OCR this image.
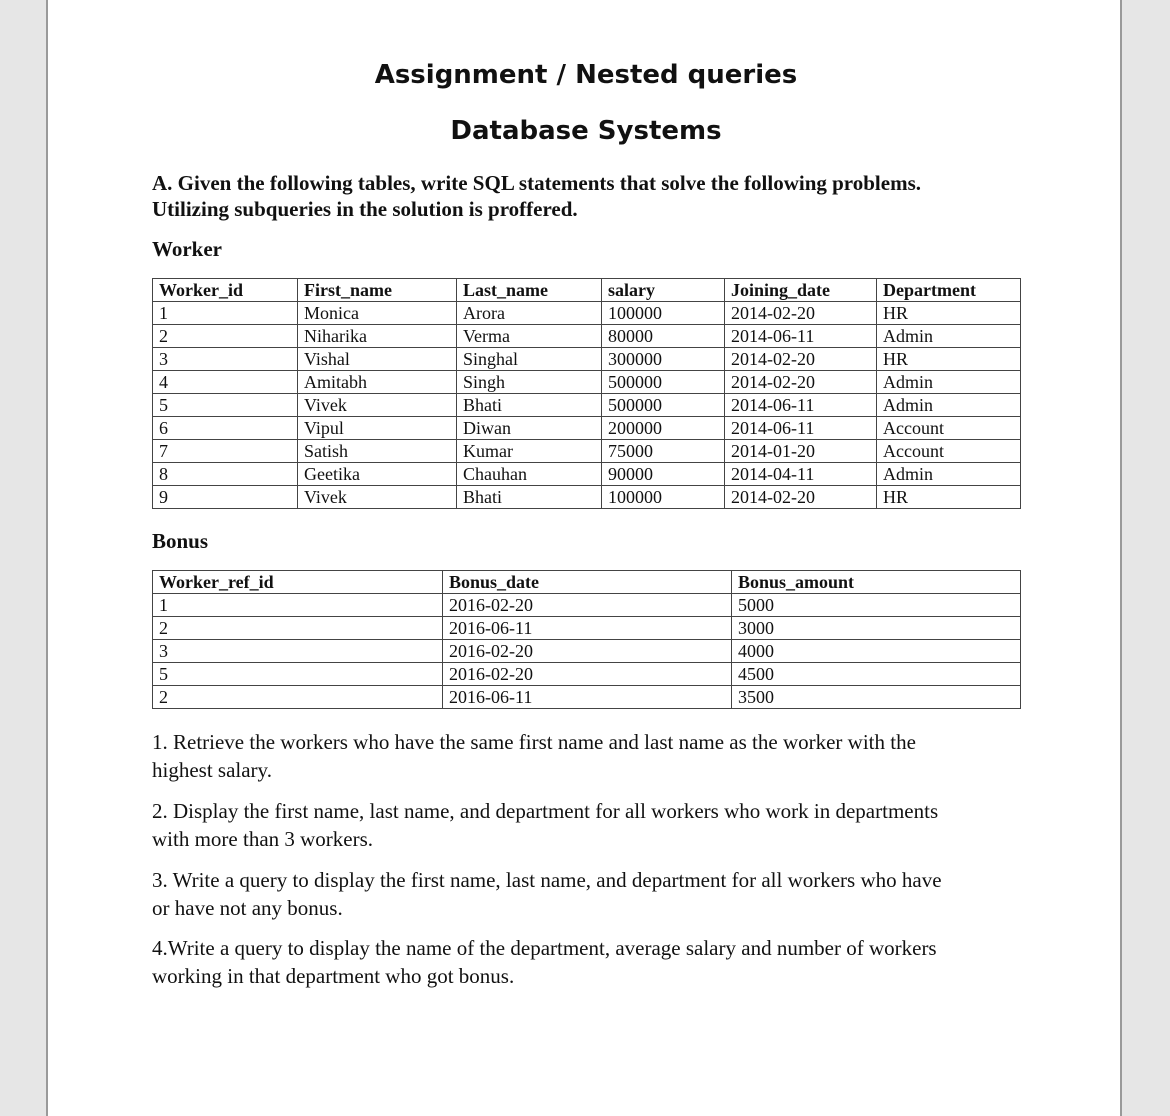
Assignment / Nested queries
Database Systems
A. Given the following tables, write SQL statements that solve the following problems.
Utilizing subqueries in the solution is proffered.
Worker
Worker_id	First_name	Last_name	salary	Joining_date	Department
1	Monica	Arora	100000	2014-02-20	HR
2	Niharika	Verma	80000	2014-06-11	Admin
3	Vishal	Singhal	300000	2014-02-20	HR
4	Amitabh	Singh	500000	2014-02-20	Admin
5	Vivek	Bhati	500000	2014-06-11	Admin
6	Vipul	Diwan	200000	2014-06-11	Account
7	Satish	Kumar	75000	2014-01-20	Account
8	Geetika	Chauhan	90000	2014-04-11	Admin
9	Vivek	Bhati	100000	2014-02-20	HR
Bonus
Worker_ref_id	Bonus_date	Bonus_amount
1	2016-02-20	5000
2	2016-06-11	3000
3	2016-02-20	4000
5	2016-02-20	4500
2	2016-06-11	3500
1. Retrieve the workers who have the same first name and last name as the worker with the
highest salary.
2. Display the first name, last name, and department for all workers who work in departments
with more than 3 workers.
3. Write a query to display the first name, last name, and department for all workers who have
or have not any bonus.
4.Write a query to display the name of the department, average salary and number of workers
working in that department who got bonus.
